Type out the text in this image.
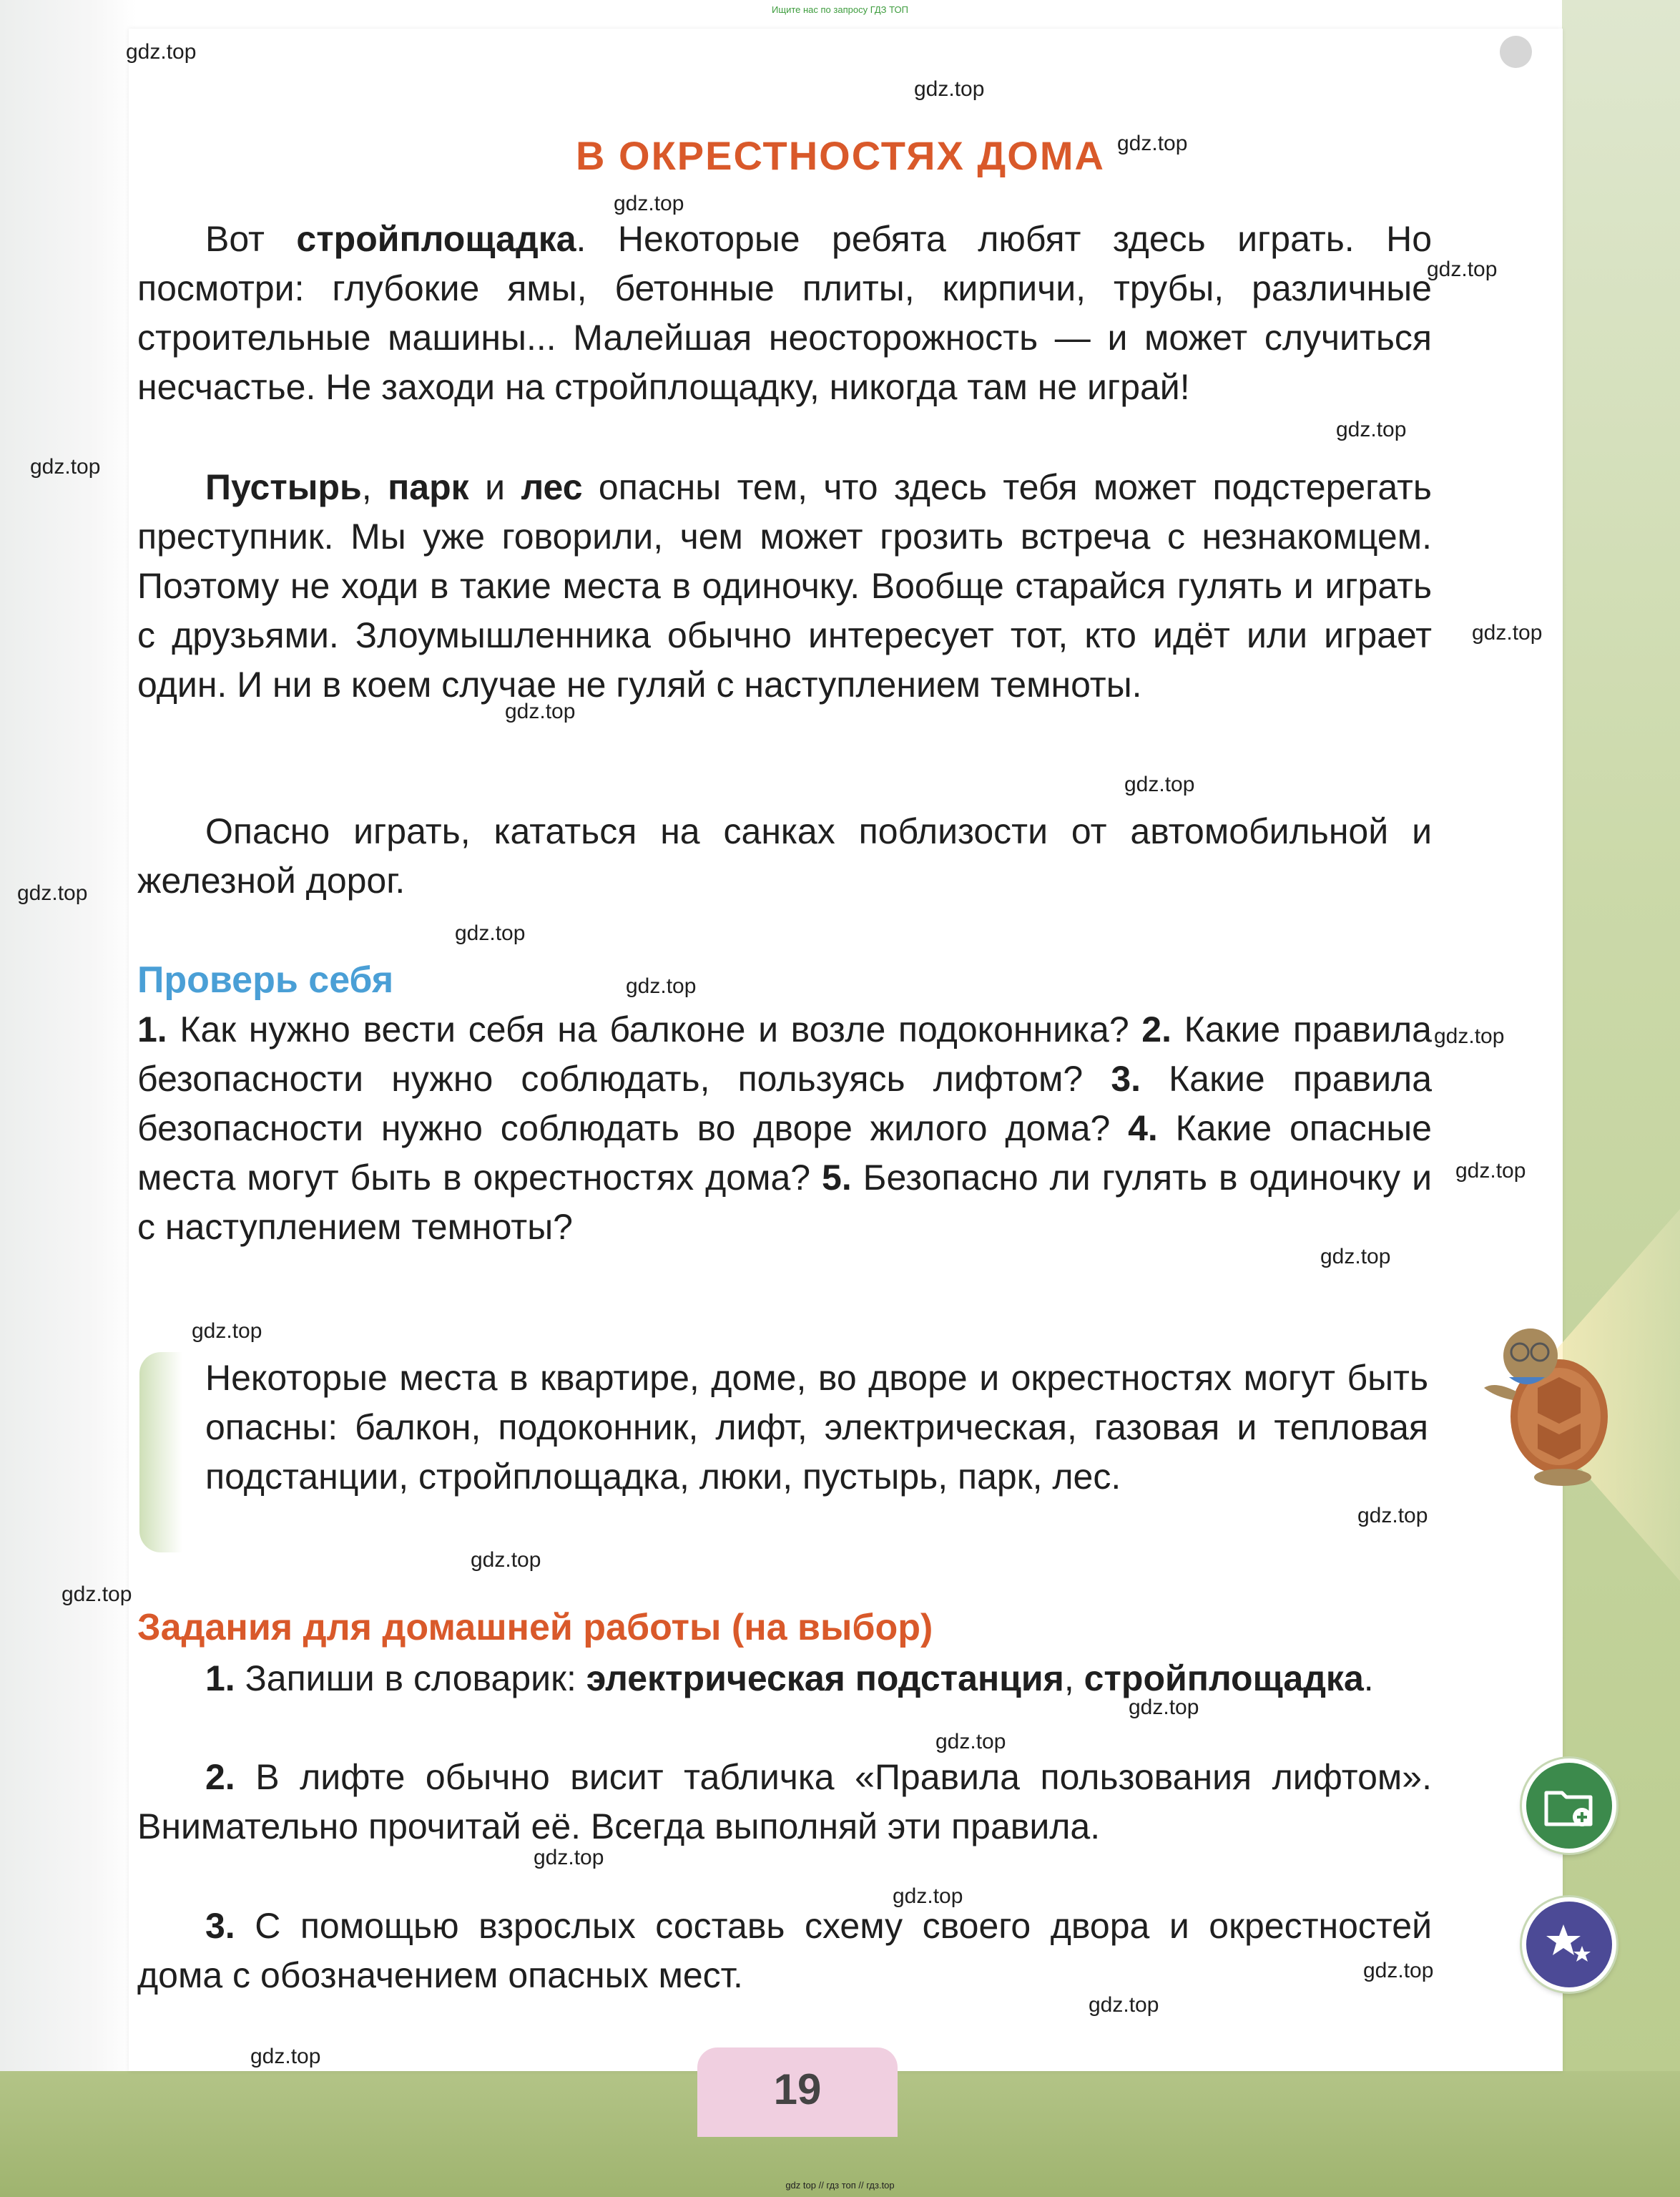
Ищите нас по запросу ГДЗ ТОП
В ОКРЕСТНОСТЯХ ДОМА

Вот стройплощадка. Некоторые ребята любят здесь играть. Но посмотри: глубокие ямы, бетонные плиты, кирпичи, трубы, различные строительные машины... Малейшая неосторожность — и может случиться несчастье. Не заходи на стройплощадку, никогда там не играй!

Пустырь, парк и лес опасны тем, что здесь тебя может подстерегать преступник. Мы уже говорили, чем может грозить встреча с незнакомцем. Поэтому не ходи в такие места в одиночку. Вообще старайся гулять и играть с друзьями. Злоумышленника обычно интересует тот, кто идёт или играет один. И ни в коем случае не гуляй с наступлением темноты.

Опасно играть, кататься на санках поблизости от автомобильной и железной дорог.

Проверь себя

1. Как нужно вести себя на балконе и возле подоконника? 2. Какие правила безопасности нужно соблюдать, пользуясь лифтом? 3. Какие правила безопасности нужно соблюдать во дворе жилого дома? 4. Какие опасные места могут быть в окрестностях дома? 5. Безопасно ли гулять в одиночку и с наступлением темноты?

Некоторые места в квартире, доме, во дворе и окрестностях могут быть опасны: балкон, подоконник, лифт, электрическая, газовая и тепловая подстанции, стройплощадка, люки, пустырь, парк, лес.

Задания для домашней работы (на выбор)

1. Запиши в словарик: электрическая подстанция, стройплощадка.

2. В лифте обычно висит табличка «Правила пользования лифтом». Внимательно прочитай её. Всегда выполняй эти правила.

3. С помощью взрослых составь схему своего двора и окрестностей дома с обозначением опасных мест.

19
gdz.top
gdz.top
gdz.top
gdz.top
gdz.top
gdz.top
gdz.top
gdz.top
gdz.top
gdz.top
gdz.top
gdz.top
gdz.top
gdz.top
gdz.top
gdz.top
gdz.top
gdz.top
gdz.top
gdz.top
gdz.top
gdz.top
gdz.top
gdz.top
gdz.top
gdz.top
gdz.top
gdz top // гдз топ // гдз.top
